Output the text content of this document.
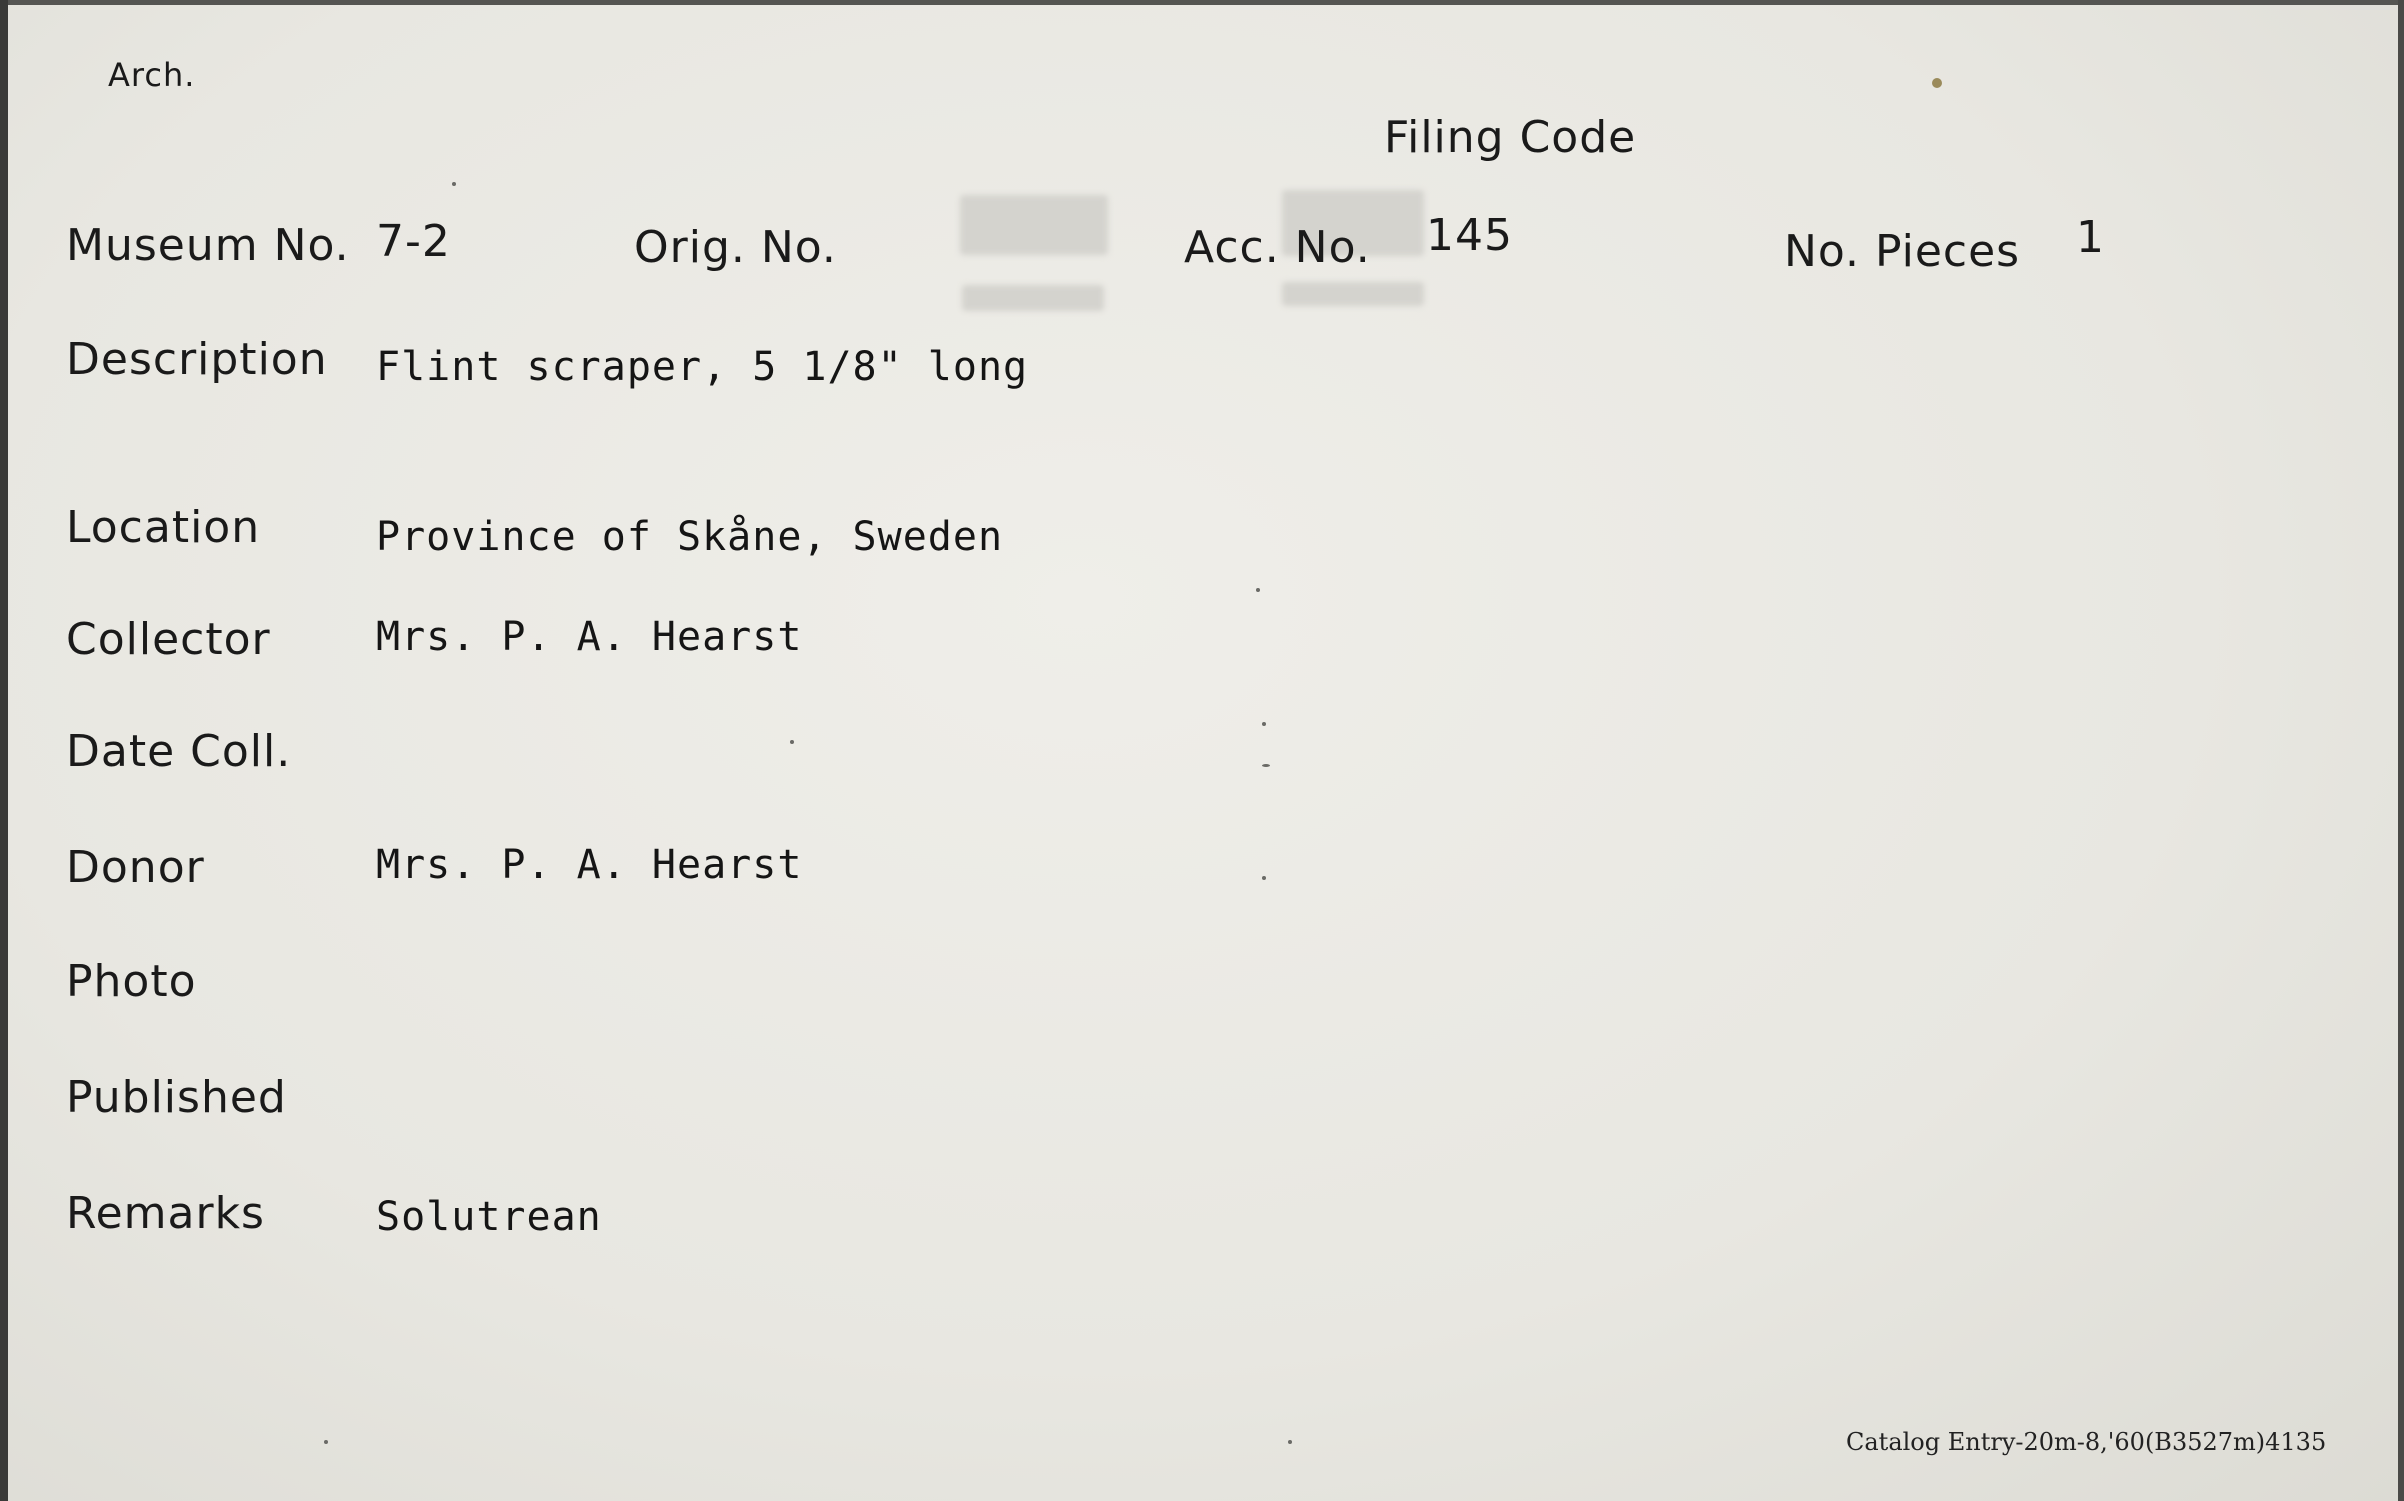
Arch.
Filing Code
Museum No. 7-2	Orig. No.	Acc. No. 145	No. Pieces 1
Description Flint scraper, 5 1/8" long
Location	Province of Skåne, Sweden
Collector	Mrs. P. A. Hearst
Date Coll.
Donor	Mrs. P. A. Hearst
Photo
Published
Remarks	Solutrean
Catalog Entry-20m-8,'60(B3527m)4135
